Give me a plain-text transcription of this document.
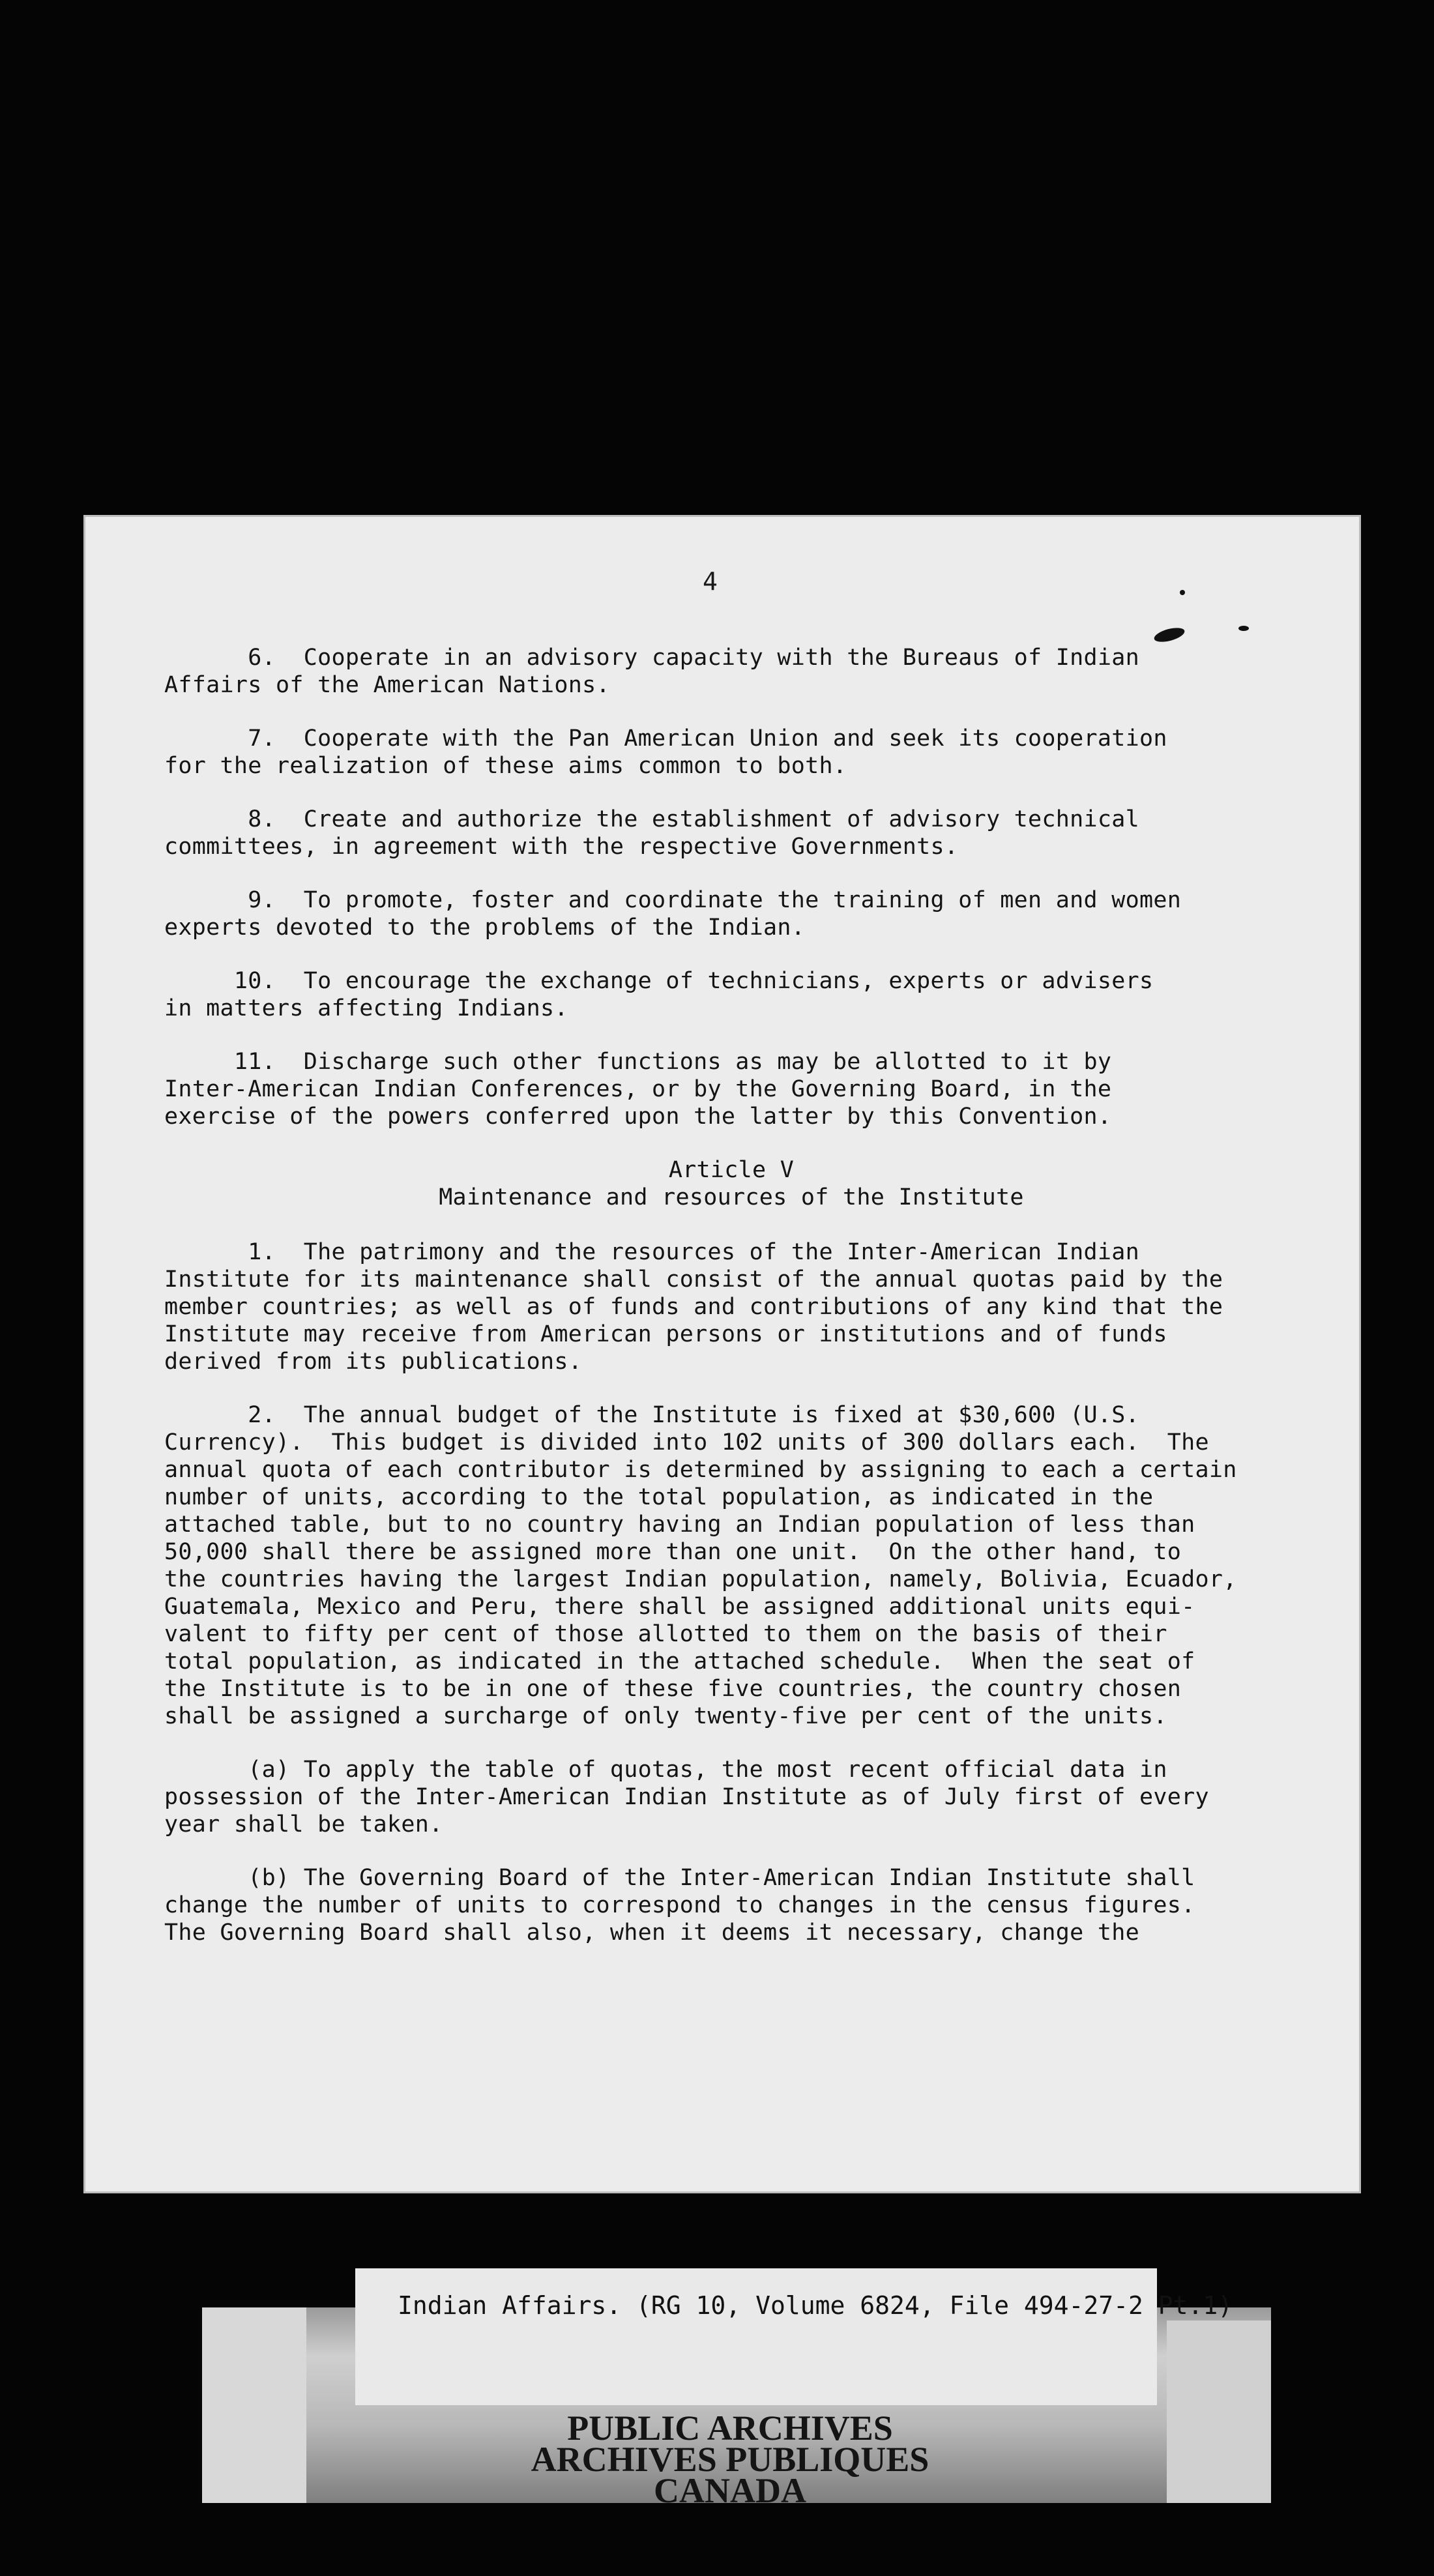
4

6.  Cooperate in an advisory capacity with the Bureaus of Indian
Affairs of the American Nations.

7.  Cooperate with the Pan American Union and seek its cooperation
for the realization of these aims common to both.

8.  Create and authorize the establishment of advisory technical
committees, in agreement with the respective Governments.

9.  To promote, foster and coordinate the training of men and women
experts devoted to the problems of the Indian.

10.  To encourage the exchange of technicians, experts or advisers
in matters affecting Indians.

11.  Discharge such other functions as may be allotted to it by
Inter-American Indian Conferences, or by the Governing Board, in the
exercise of the powers conferred upon the latter by this Convention.

Article V

Maintenance and resources of the Institute

1.  The patrimony and the resources of the Inter-American Indian
Institute for its maintenance shall consist of the annual quotas paid by the
member countries; as well as of funds and contributions of any kind that the
Institute may receive from American persons or institutions and of funds
derived from its publications.

2.  The annual budget of the Institute is fixed at $30,600 (U.S.
Currency).  This budget is divided into 102 units of 300 dollars each.  The
annual quota of each contributor is determined by assigning to each a certain
number of units, according to the total population, as indicated in the
attached table, but to no country having an Indian population of less than
50,000 shall there be assigned more than one unit.  On the other hand, to
the countries having the largest Indian population, namely, Bolivia, Ecuador,
Guatemala, Mexico and Peru, there shall be assigned additional units equi-
valent to fifty per cent of those allotted to them on the basis of their
total population, as indicated in the attached schedule.  When the seat of
the Institute is to be in one of these five countries, the country chosen
shall be assigned a surcharge of only twenty-five per cent of the units.

(a) To apply the table of quotas, the most recent official data in
possession of the Inter-American Indian Institute as of July first of every
year shall be taken.

(b) The Governing Board of the Inter-American Indian Institute shall
change the number of units to correspond to changes in the census figures.
The Governing Board shall also, when it deems it necessary, change the

Indian Affairs. (RG 10, Volume 6824, File 494-27-2 Pt.1)
PUBLIC ARCHIVES
ARCHIVES PUBLIQUES
CANADA
